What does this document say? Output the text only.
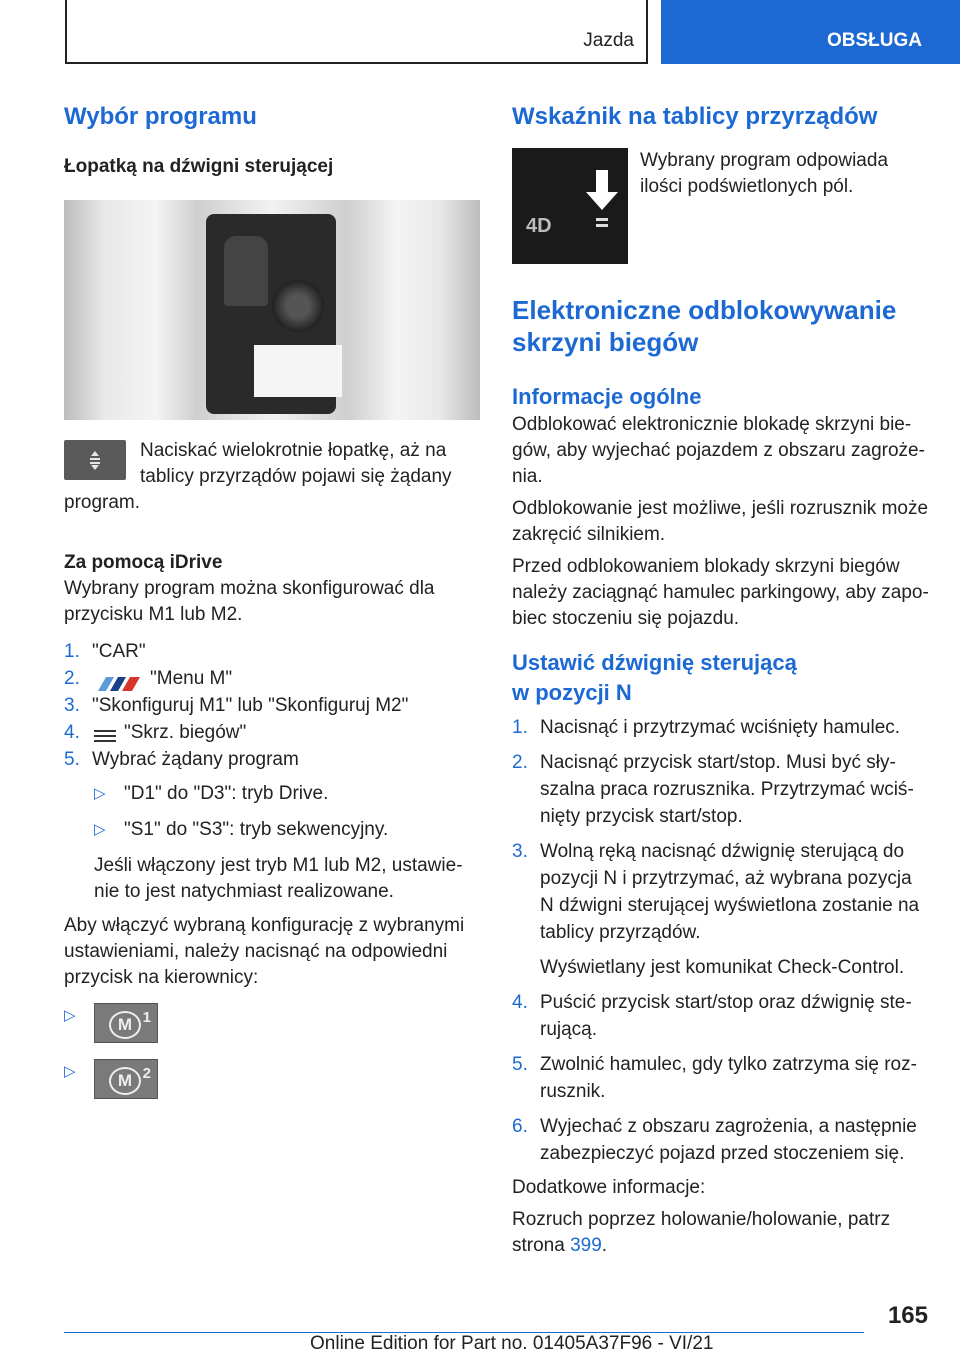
Jazda	OBSŁUGA
Wybór programu
Łopatką na dźwigni sterującej

Naciskać wielokrotnie łopatkę, aż na

tablicy przyrządów pojawi się żądany

program.

Za pomocą iDrive

Wybrany program można skonfigurować dla przycisku M1 lub M2.

1. "CAR"
2.	"Menu M"
3. "Skonfiguruj M1" lub "Skonfiguruj M2"
4.	"Skrz. biegów"
5. Wybrać żądany program
▷ "D1" do "D3": tryb Drive.
▷ "S1" do "S3": tryb sekwencyjny.

Jeśli włączony jest tryb M1 lub M2, ustawienie to jest natychmiast realizowane.

Aby włączyć wybraną konfigurację z wybranymi ustawieniami, należy nacisnąć na odpowiedni przycisk na kierownicy:

▷	M 1
▷	M 2
Wskaźnik na tablicy przyrządów
4D

Wybrany program odpowiada ilości podświetlonych pól.

Elektroniczne odblokowywanie skrzyni biegów
Informacje ogólne

Odblokować elektronicznie blokadę skrzyni biegów, aby wyjechać pojazdem z obszaru zagrożenia.

Odblokowanie jest możliwe, jeśli rozrusznik może zakręcić silnikiem.

Przed odblokowaniem blokady skrzyni biegów należy zaciągnąć hamulec parkingowy, aby zapobiec stoczeniu się pojazdu.

Ustawić dźwignię sterującą
w pozycji N
1. Nacisnąć i przytrzymać wciśnięty hamulec.
2. Nacisnąć przycisk start/stop. Musi być słyszalna praca rozrusznika. Przytrzymać wciśnięty przycisk start/stop.
3. Wolną ręką nacisnąć dźwignię sterującą do pozycji N i przytrzymać, aż wybrana pozycja N dźwigni sterującej wyświetlona zostanie na tablicy przyrządów.
Wyświetlany jest komunikat Check-Control.
4. Puścić przycisk start/stop oraz dźwignię sterującą.
5. Zwolnić hamulec, gdy tylko zatrzyma się rozrusznik.
6. Wyjechać z obszaru zagrożenia, a następnie zabezpieczyć pojazd przed stoczeniem się.

Dodatkowe informacje:

Rozruch poprzez holowanie/holowanie, patrz strona 399.

165
Online Edition for Part no. 01405A37F96 - VI/21
